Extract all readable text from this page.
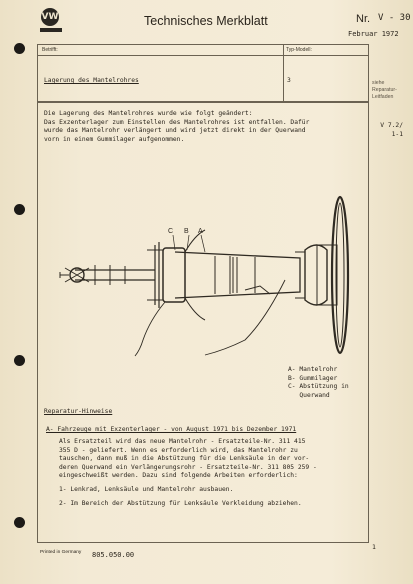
VW	Technisches Merkblatt	Nr. V - 30
Februar 1972
Betrifft:	Typ-Modell:
Lagerung des Mantelrohres	3	siehe
Reparatur-
Leitfaden
V 7.2/
1-1
Die Lagerung des Mantelrohres wurde wie folgt geändert:
Das Exzenterlager zum Einstellen des Mantelrohres ist entfallen. Dafür
wurde das Mantelrohr verlängert und wird jetzt direkt in der Querwand
vorn in einem Gummilager aufgenommen.
C B A
A- Mantelrohr
B- Gummilager
C- Abstützung in
Querwand
Reparatur-Hinweise
A- Fahrzeuge mit Exzenterlager - von August 1971 bis Dezember 1971
Als Ersatzteil wird das neue Mantelrohr - Ersatzteile-Nr. 311 415
355 D - geliefert. Wenn es erforderlich wird, das Mantelrohr zu
tauschen, dann muß in die Abstützung für die Lenksäule in der vor-
deren Querwand ein Verlängerungsrohr - Ersatzteile-Nr. 311 805 259 -
eingeschweißt werden. Dazu sind folgende Arbeiten erforderlich:
1- Lenkrad, Lenksäule und Mantelrohr ausbauen.
2- Im Bereich der Abstützung für Lenksäule Verkleidung abziehen.
1
Printed in Germany 805.050.00
